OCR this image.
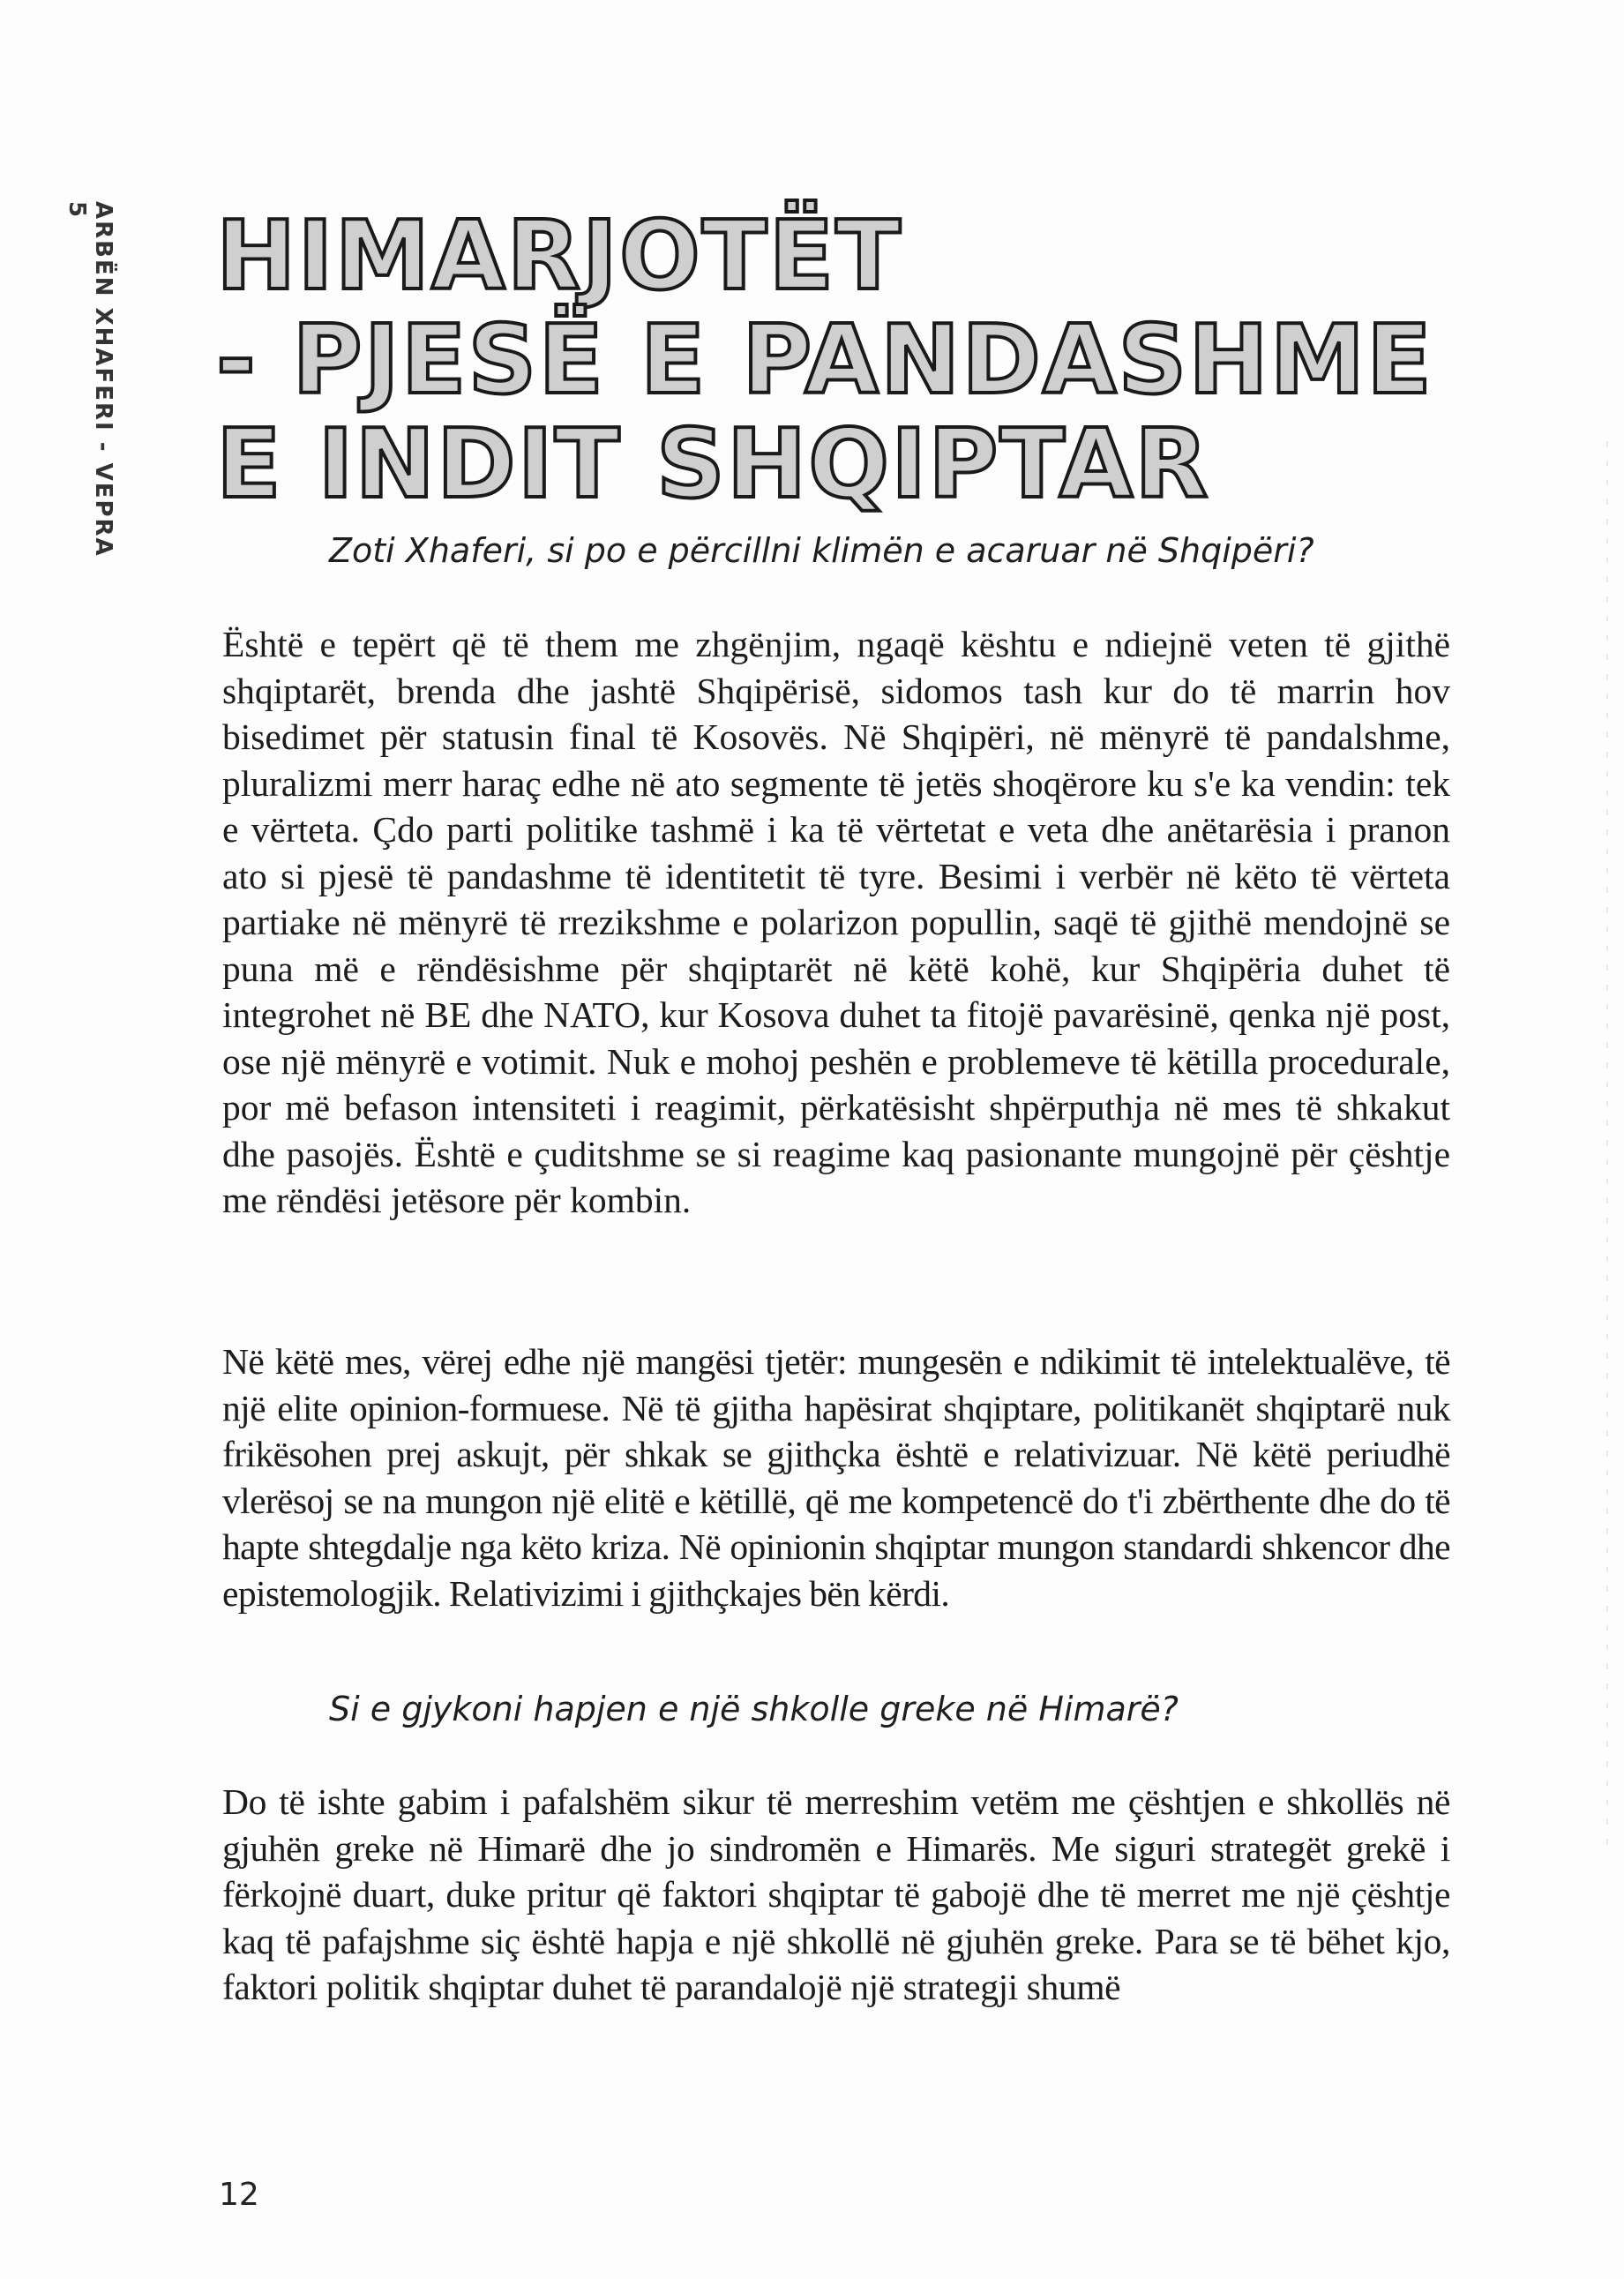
ARBËN XHAFERI - VEPRA 5 HIMARJOTËT
- PJESË E PANDASHME
E INDIT SHQIPTAR
Zoti Xhaferi, si po e përcillni klimën e acaruar në Shqipëri?

Është e tepërt që të them me zhgënjim, ngaqë kështu e ndiejnë veten të gjithë shqiptarët, brenda dhe jashtë Shqipërisë, sidomos tash kur do të marrin hov bisedimet për statusin final të Kosovës. Në Shqipëri, në mënyrë të pandalshme, pluralizmi merr haraç edhe në ato segmente të jetës shoqërore ku s'e ka vendin: tek e vërteta. Çdo parti politike tashmë i ka të vërtetat e veta dhe anëtarësia i pranon ato si pjesë të pandashme të identitetit të tyre. Besimi i verbër në këto të vërteta partiake në mënyrë të rrezikshme e polarizon popullin, saqë të gjithë mendojnë se puna më e rëndësishme për shqiptarët në këtë kohë, kur Shqipëria duhet të integrohet në BE dhe NATO, kur Kosova duhet ta fitojë pavarësinë, qenka një post, ose një mënyrë e votimit. Nuk e mohoj peshën e problemeve të këtilla procedurale, por më befason intensiteti i reagimit, përkatësisht shpërputhja në mes të shkakut dhe pasojës. Është e çuditshme se si reagime kaq pasionante mungojnë për çështje me rëndësi jetësore për kombin.

Në këtë mes, vërej edhe një mangësi tjetër: mungesën e ndikimit të intelektualëve, të një elite opinion-formuese. Në të gjitha hapësirat shqiptare, politikanët shqiptarë nuk frikësohen prej askujt, për shkak se gjithçka është e relativizuar. Në këtë periudhë vlerësoj se na mungon një elitë e këtillë, që me kompetencë do t'i zbërthente dhe do të hapte shtegdalje nga këto kriza. Në opinionin shqiptar mungon standardi shkencor dhe epistemologjik. Relativizimi i gjithçkajes bën kërdi.

Si e gjykoni hapjen e një shkolle greke në Himarë?

Do të ishte gabim i pafalshëm sikur të merreshim vetëm me çështjen e shkollës në gjuhën greke në Himarë dhe jo sindromën e Himarës. Me siguri strategët grekë i fërkojnë duart, duke pritur që faktori shqiptar të gabojë dhe të merret me një çështje kaq të pafajshme siç është hapja e një shkollë në gjuhën greke. Para se të bëhet kjo, faktori politik shqiptar duhet të parandalojë një strategji shumë

12
